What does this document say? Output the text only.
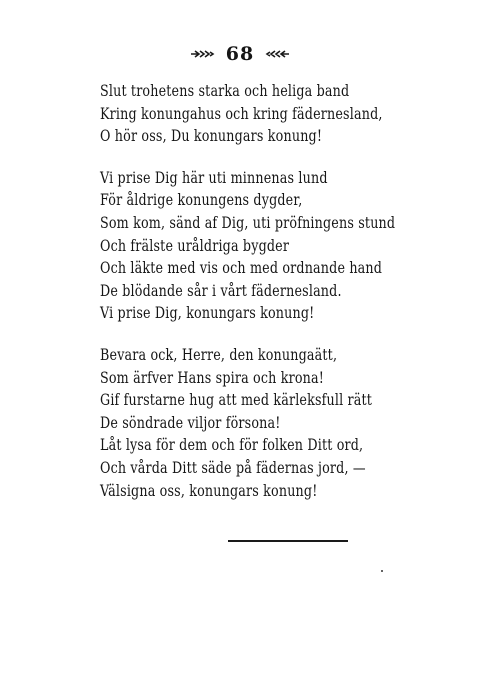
68
Slut trohetens starka och heliga band
Kring konungahus och kring fädernesland,
O hör oss, Du konungars konung!
Vi prise Dig här uti minnenas lund
För åldrige konungens dygder,
Som kom, sänd af Dig, uti pröfningens stund
Och frälste uråldriga bygder
Och läkte med vis och med ordnande hand
De blödande sår i vårt fädernesland.
Vi prise Dig, konungars konung!
Bevara ock, Herre, den konungaätt,
Som ärfver Hans spira och krona!
Gif furstarne hug att med kärleksfull rätt
De söndrade viljor försona!
Låt lysa för dem och för folken Ditt ord,
Och vårda Ditt säde på fädernas jord, —
Välsigna oss, konungars konung!
